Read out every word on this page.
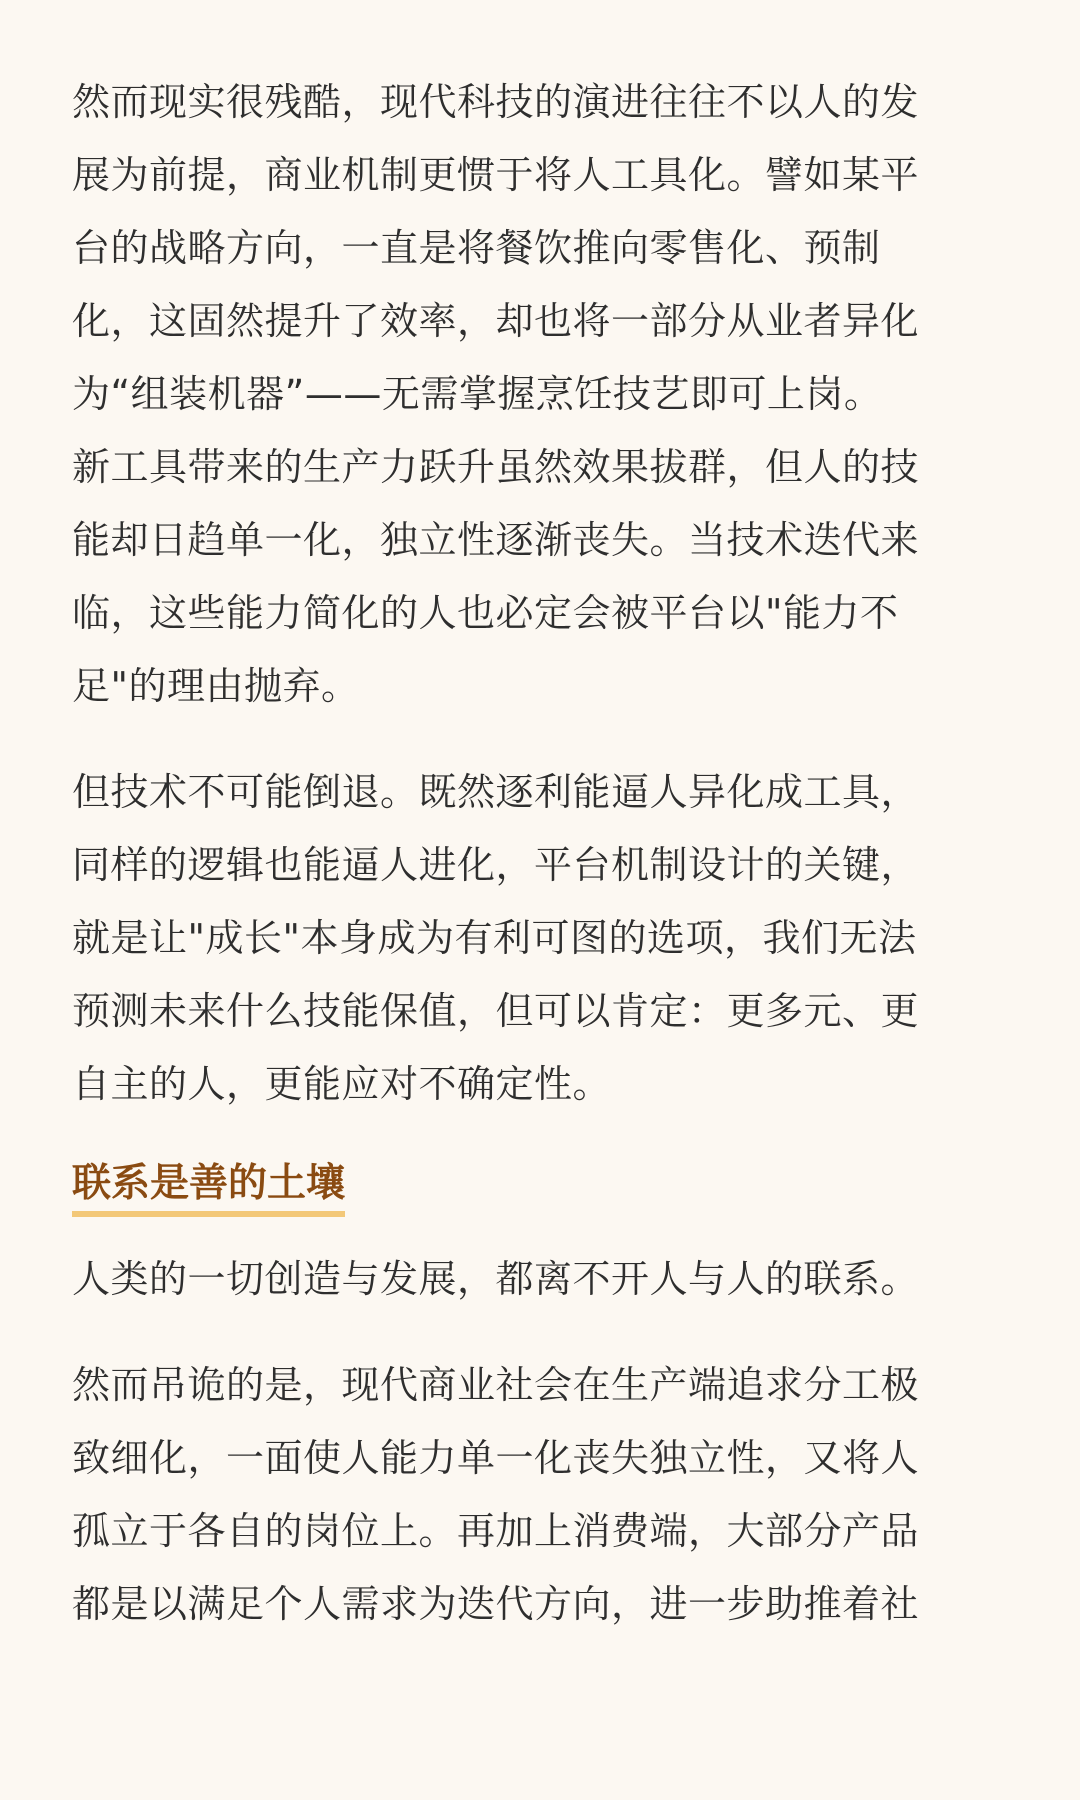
然而现实很残酷，现代科技的演进往往不以人的发
展为前提，商业机制更惯于将人工具化。譬如某平
台的战略方向，一直是将餐饮推向零售化、预制
化，这固然提升了效率，却也将一部分从业者异化
为“组装机器”——无需掌握烹饪技艺即可上岗。
新工具带来的生产力跃升虽然效果拔群，但人的技
能却日趋单一化，独立性逐渐丧失。当技术迭代来
临，这些能力简化的人也必定会被平台以"能力不
足"的理由抛弃。

但技术不可能倒退。既然逐利能逼人异化成工具，
同样的逻辑也能逼人进化，平台机制设计的关键，
就是让"成长"本身成为有利可图的选项，我们无法
预测未来什么技能保值，但可以肯定：更多元、更
自主的人，更能应对不确定性。

联系是善的土壤

人类的一切创造与发展，都离不开人与人的联系。

然而吊诡的是，现代商业社会在生产端追求分工极
致细化，一面使人能力单一化丧失独立性，又将人
孤立于各自的岗位上。再加上消费端，大部分产品
都是以满足个人需求为迭代方向，进一步助推着社
